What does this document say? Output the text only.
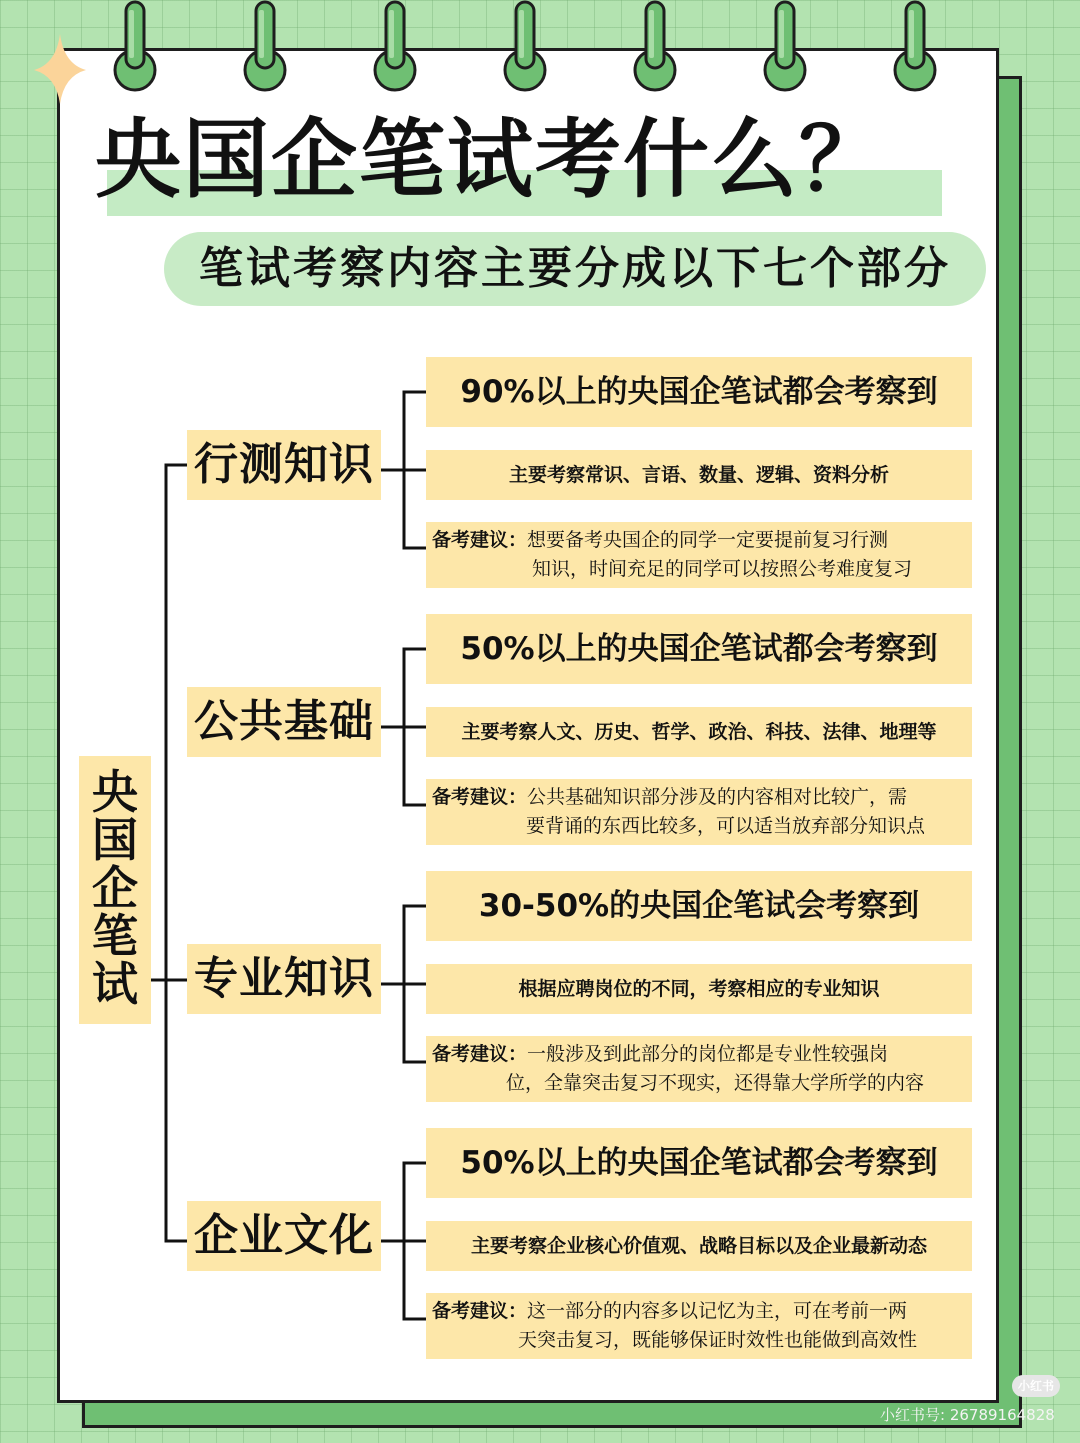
央国企笔试考什么？
笔试考察内容主要分成以下七个部分
央国企笔试
行测知识
90%以上的央国企笔试都会考察到
主要考察常识、言语、数量、逻辑、资料分析
备考建议：想要备考央国企的同学一定要提前复习行测
知识，时间充足的同学可以按照公考难度复习
公共基础
50%以上的央国企笔试都会考察到
主要考察人文、历史、哲学、政治、科技、法律、地理等
备考建议：公共基础知识部分涉及的内容相对比较广，需
要背诵的东西比较多，可以适当放弃部分知识点
专业知识
30-50%的央国企笔试会考察到
根据应聘岗位的不同，考察相应的专业知识
备考建议：一般涉及到此部分的岗位都是专业性较强岗
位，全靠突击复习不现实，还得靠大学所学的内容
企业文化
50%以上的央国企笔试都会考察到
主要考察企业核心价值观、战略目标以及企业最新动态
备考建议：这一部分的内容多以记忆为主，可在考前一两
天突击复习，既能够保证时效性也能做到高效性
小红书
小红书号: 26789164828
